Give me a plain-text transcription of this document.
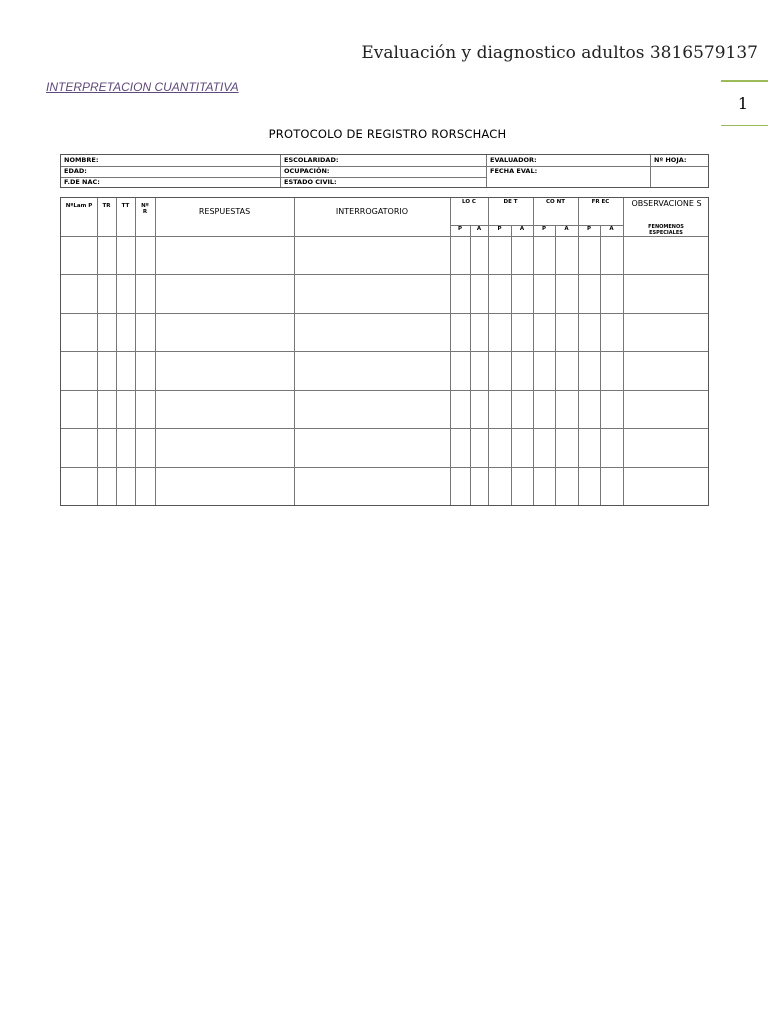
Evaluación y diagnostico adultos 3816579137
1
INTERPRETACION CUANTITATIVA
PROTOCOLO DE REGISTRO RORSCHACH
NOMBRE:	ESCOLARIDAD:	EVALUADOR:	Nº HOJA:
EDAD:	OCUPACIÓN:	FECHA EVAL:
F.DE NAC:	ESTADO CIVIL:
NºLam P	TR	TT	Nº R	RESPUESTAS	INTERROGATORIO
LO C	DE T	CO NT	FR EC
P	A	P	A	P	A	P	A
OBSERVACIONE S
FENOMENOS ESPECIALES
